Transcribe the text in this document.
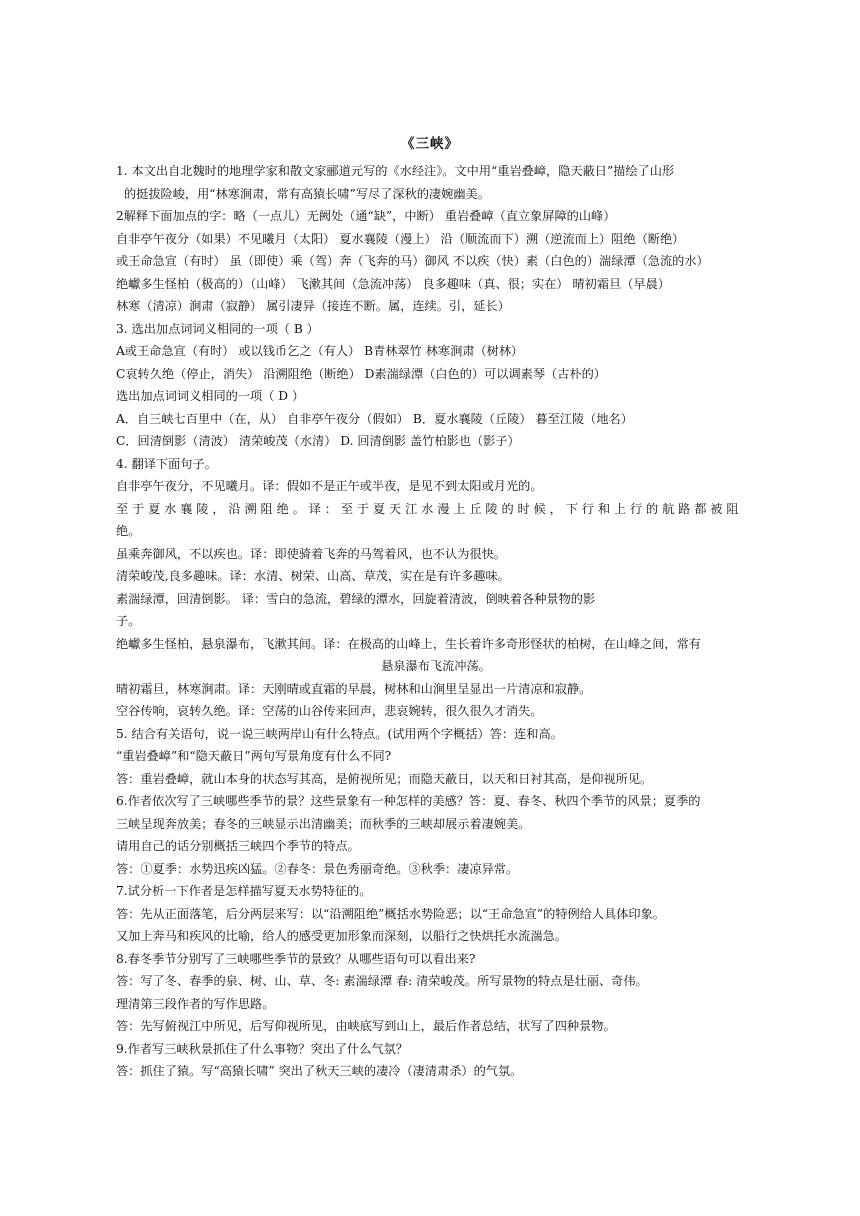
《三峡》
1. 本文出自北魏时的地理学家和散文家郦道元写的《水经注》。文中用“重岩叠嶂，隐天蔽日”描绘了山形
的挺拔险峻，用“林寒涧肃，常有高猿长啸”写尽了深秋的凄婉幽美。
2解释下面加点的字：略（一点儿）无阙处（通“缺”，中断） 重岩叠嶂（直立象屏障的山峰）
自非亭午夜分（如果）不见曦月（太阳） 夏水襄陵（漫上） 沿（顺流而下）溯（逆流而上）阻绝（断绝）
或王命急宣（有时） 虽（即使）乘（驾）奔（飞奔的马）御风 不以疾（快）素（白色的）湍绿潭（急流的水）
绝巘多生怪柏（极高的）（山峰） 飞漱其间（急流冲荡） 良多趣味（真、很；实在） 晴初霜旦（早晨）
林寒（清凉）涧肃（寂静） 属引凄异（接连不断。属，连续。引，延长）
3. 选出加点词词义相同的一项（ B ）
A或王命急宣（有时） 或以钱币乞之（有人） B青林翠竹 林寒涧肃（树林）
C哀转久绝（停止，消失） 沿溯阻绝（断绝） D素湍绿潭（白色的）可以调素琴（古朴的）
选出加点词词义相同的一项（ D ）
A．自三峡七百里中（在，从） 自非亭午夜分（假如） B．夏水襄陵（丘陵） 暮至江陵（地名）
C．回清倒影（清波） 清荣峻茂（水清） D. 回清倒影 盖竹柏影也（影子）
4. 翻译下面句子。
自非亭午夜分，不见曦月。译：假如不是正午或半夜，是见不到太阳或月光的。
至 于 夏 水 襄 陵 ， 沿 溯 阻 绝 。 译 ： 至 于 夏 天 江 水 漫 上 丘 陵 的 时 候 ， 下 行 和 上 行 的 航 路 都 被 阻
绝。
虽乘奔御风，不以疾也。译：即使骑着飞奔的马驾着风，也不认为很快。
清荣峻茂,良多趣味。译：水清、树荣、山高、草茂，实在是有许多趣味。
素湍绿潭，回清倒影。 译：雪白的急流，碧绿的潭水，回旋着清波，倒映着各种景物的影
子。
绝巘多生怪柏，悬泉瀑布，飞漱其间。译：在极高的山峰上，生长着许多奇形怪状的柏树，在山峰之间，常有
悬泉瀑布飞流冲荡。
晴初霜旦，林寒涧肃。译：天刚晴或直霜的早晨，树林和山涧里呈显出一片清凉和寂静。
空谷传响，哀转久绝。译：空荡的山谷传来回声，悲哀婉转，很久很久才消失。
5. 结合有关语句，说一说三峡两岸山有什么特点。(试用两个字概括）答：连和高。
“重岩叠嶂”和“隐天蔽日”两句写景角度有什么不同?
答：重岩叠嶂，就山本身的状态写其高，是俯视所见；而隐天蔽日，以天和日衬其高，是仰视所见。
6.作者依次写了三峡哪些季节的景？这些景象有一种怎样的美感？答：夏、春冬、秋四个季节的风景；夏季的
三峡呈现奔放美；春冬的三峡显示出清幽美；而秋季的三峡却展示着凄婉美。
请用自己的话分别概括三峡四个季节的特点。
答：①夏季：水势迅疾凶猛。②春冬：景色秀丽奇绝。③秋季：凄凉异常。
7.试分析一下作者是怎样描写夏天水势特征的。
答：先从正面落笔，后分两层来写：以“沿溯阻绝”概括水势险恶；以“王命急宣”的特例给人具体印象。
又加上奔马和疾风的比喻，给人的感受更加形象而深刻，以船行之快烘托水流湍急。
8.春冬季节分别写了三峡哪些季节的景致？从哪些语句可以看出来?
答：写了冬、春季的泉、树、山、草、冬: 素湍绿潭 春: 清荣峻茂。所写景物的特点是壮丽、奇伟。
理清第三段作者的写作思路。
答：先写俯视江中所见，后写仰视所见，由峡底写到山上，最后作者总结，状写了四种景物。
9.作者写三峡秋景抓住了什么事物？突出了什么气氛？
答：抓住了猿。写“高猿长啸” 突出了秋天三峡的凄冷（凄清肃杀）的气氛。
